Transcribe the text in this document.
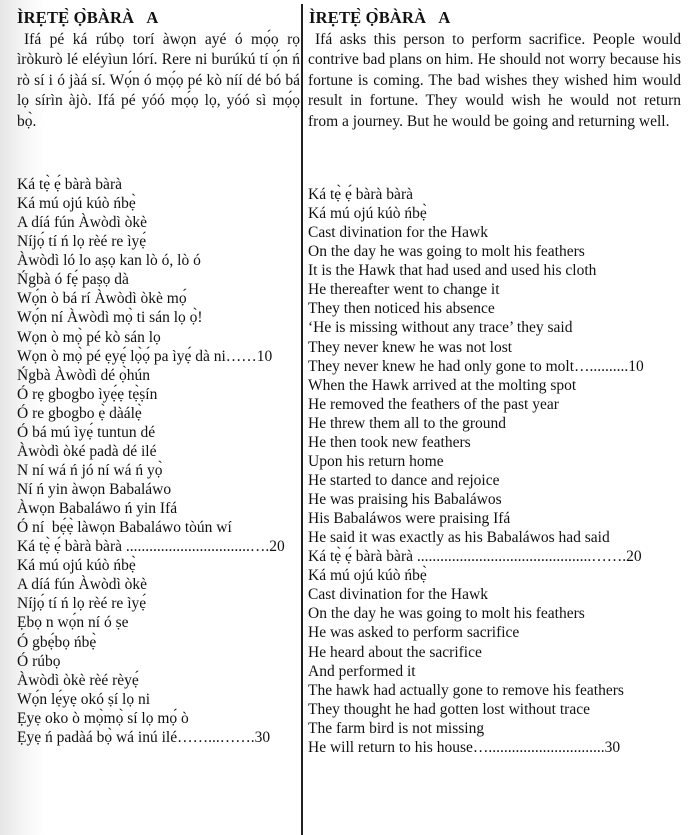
ÌRẸTẸ̀ Ọ̀BÀRÀ   A

Ifá pé ká rúbọ torí àwọn ayé ó mọ́ọ rọ ìròkurò lé eléyìun lórí. Rere ni burúkú tí ọ́n ń rò sí i ó jàá sí. Wọ́n ó mọ́ọ pé kò níí dé bó bá lọ sírìn àjò. Ifá pé yóó mọ́ọ lọ, yóó sì mọ́ọ bọ̀.

Ká tẹ̀ ẹ́ bàrà bàrà
Ká mú ojú kúò ńbẹ̀
A díá fún Àwòdì òkè
Níjọ́ tí ń lọ rèé re ìyẹ́
Àwòdì ló lo aṣọ kan lò ó, lò ó
Ńgbà ó fẹ́ paṣọ dà
Wọ́n ò bá rí Àwòdì òkè mọ́
Wọ́n ní Àwòdì mọ̀ ti sán lọ ọ̀!
Wọn ò mọ̀ pé kò sán lọ
Wọn ò mọ̀ pé ẹyẹ́ lọ̀ọ́ pa ìyẹ́ dà ni……10
Ńgbà Àwòdì dé ọ̀hún
Ó rẹ gbogbo ìyẹ́ẹ tẹ̀ṣín
Ó re gbogbo ẹ̀ dàálẹ̀
Ó bá mú ìyẹ́ tuntun dé
Àwòdì òké padà dé ilé
N ní wá ń jó ní wá ń yọ̀
Ní ń yin àwọn Babaláwo
Àwọn Babaláwo ń yin Ifá
Ó ní  bẹ́ẹ̀ làwọn Babaláwo tòún wí
Ká tẹ̀ ẹ́ bàrà bàrà ................................….20
Ká mú ojú kúò ńbẹ̀
A díá fún Àwòdì òkè
Níjọ́ tí ń lọ rèé re ìyẹ́
Ẹbọ n wọ́n ní ó ṣe
Ó gbẹ́bọ ńbẹ̀
Ó rúbọ
Àwòdì òkè rèé rèyẹ́
Wọ́n lẹ́yẹ okó ṣí lọ ni
Ẹyẹ oko ò mọ̀mọ̀ sí lọ mọ́ ò
Ẹyẹ ń padàá bọ̀ wá inú ilé……...…….30
ÌRẸTẸ̀ Ọ̀BÀRÀ   A

Ifá asks this person to perform sacrifice. People would contrive bad plans on him. He should not worry because his fortune is coming. The bad wishes they wished him would result in fortune. They would wish he would not return from a journey. But he would be going and returning well.

Ká tẹ̀ ẹ́ bàrà bàrà
Ká mú ojú kúò ńbẹ̀
Cast divination for the Hawk
On the day he was going to molt his feathers
It is the Hawk that had used and used his cloth
He thereafter went to change it
They then noticed his absence
‘He is missing without any trace’ they said
They never knew he was not lost
They never knew he had only gone to molt…..........10
When the Hawk arrived at the molting spot
He removed the feathers of the past year
He threw them all to the ground
He then took new feathers
Upon his return home
He started to dance and rejoice
He was praising his Babaláwos
His Babaláwos were praising Ifá
He said it was exactly as his Babaláwos had said
Ká tẹ̀ ẹ́ bàrà bàrà .............................................…….20
Ká mú ojú kúò ńbẹ̀
Cast divination for the Hawk
On the day he was going to molt his feathers
He was asked to perform sacrifice
He heard about the sacrifice
And performed it
The hawk had actually gone to remove his feathers
They thought he had gotten lost without trace
The farm bird is not missing
He will return to his house…..............................30
